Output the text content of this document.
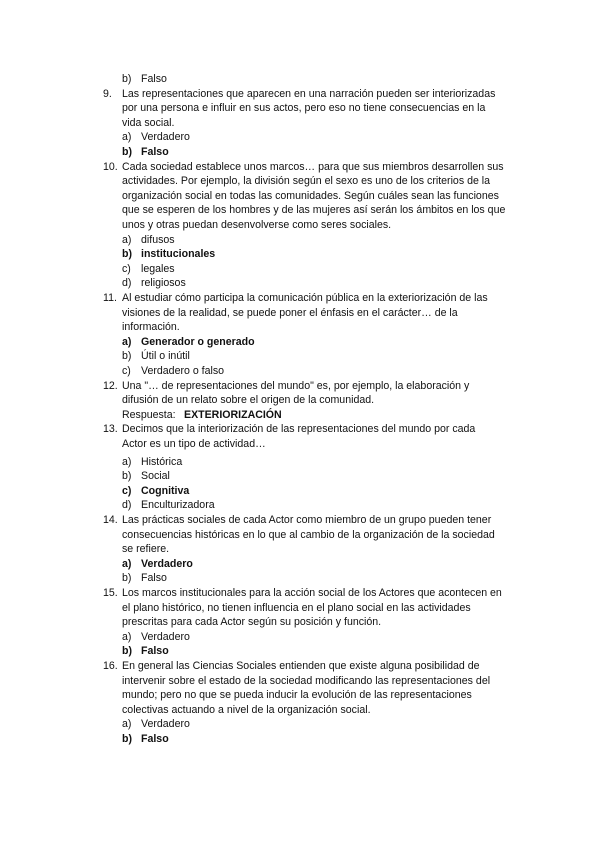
b) Falso
9. Las representaciones que aparecen en una narración pueden ser interiorizadas
por una persona e influir en sus actos, pero eso no tiene consecuencias en la
vida social.
a) Verdadero
b) Falso
10. Cada sociedad establece unos marcos… para que sus miembros desarrollen sus
actividades. Por ejemplo, la división según el sexo es uno de los criterios de la
organización social en todas las comunidades. Según cuáles sean las funciones
que se esperen de los hombres y de las mujeres así serán los ámbitos en los que
unos y otras puedan desenvolverse como seres sociales.
a) difusos
b) institucionales
c) legales
d) religiosos
11. Al estudiar cómo participa la comunicación pública en la exteriorización de las
visiones de la realidad, se puede poner el énfasis en el carácter… de la
información.
a) Generador o generado
b) Útil o inútil
c) Verdadero o falso
12. Una "… de representaciones del mundo" es, por ejemplo, la elaboración y
difusión de un relato sobre el origen de la comunidad.
Respuesta: EXTERIORIZACIÓN
13. Decimos que la interiorización de las representaciones del mundo por cada
Actor es un tipo de actividad…
a) Histórica
b) Social
c) Cognitiva
d) Enculturizadora
14. Las prácticas sociales de cada Actor como miembro de un grupo pueden tener
consecuencias históricas en lo que al cambio de la organización de la sociedad
se refiere.
a) Verdadero
b) Falso
15. Los marcos institucionales para la acción social de los Actores que acontecen en
el plano histórico, no tienen influencia en el plano social en las actividades
prescritas para cada Actor según su posición y función.
a) Verdadero
b) Falso
16. En general las Ciencias Sociales entienden que existe alguna posibilidad de
intervenir sobre el estado de la sociedad modificando las representaciones del
mundo; pero no que se pueda inducir la evolución de las representaciones
colectivas actuando a nivel de la organización social.
a) Verdadero
b) Falso
